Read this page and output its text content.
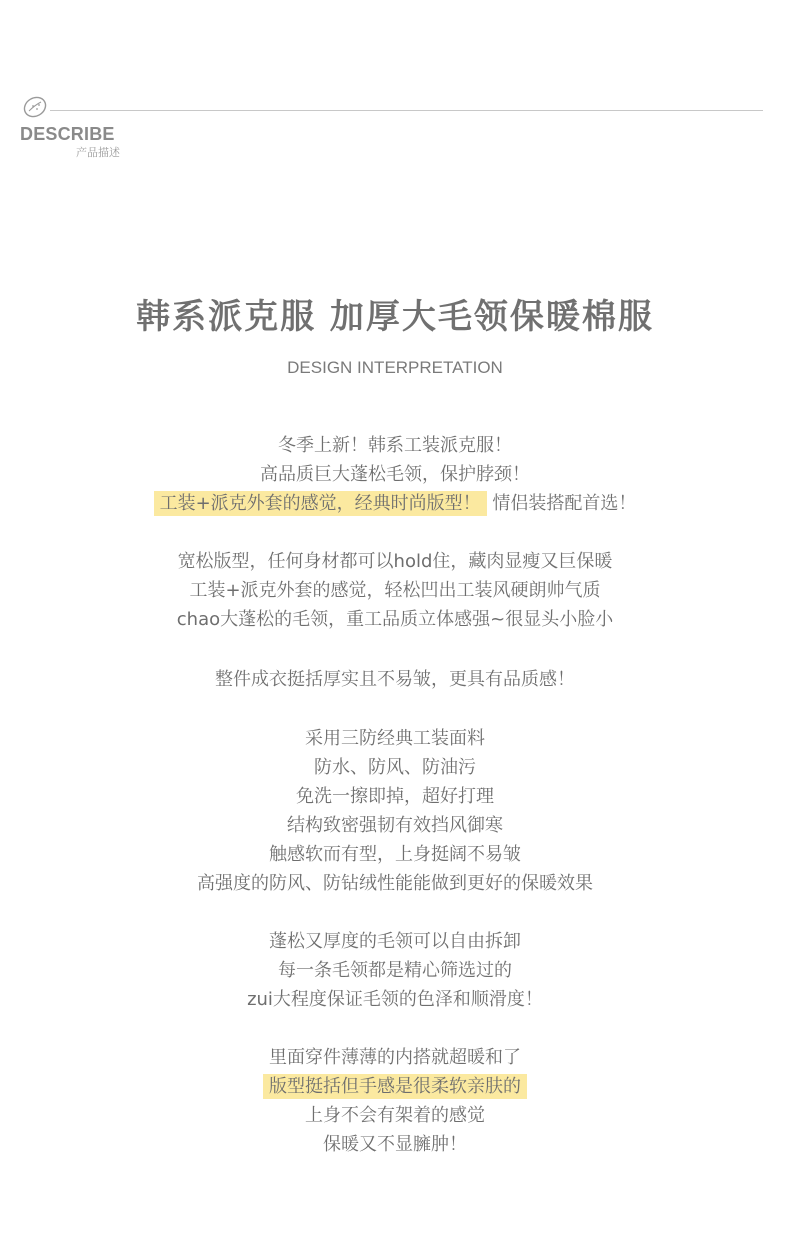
DESCRIBE
产品描述
韩系派克服 加厚大毛领保暖棉服
DESIGN INTERPRETATION
冬季上新！韩系工装派克服！
高品质巨大蓬松毛领，保护脖颈！
工装+派克外套的感觉，经典时尚版型！ 情侣装搭配首选！
宽松版型，任何身材都可以hold住，藏肉显瘦又巨保暖
工装+派克外套的感觉，轻松凹出工装风硬朗帅气质
chao大蓬松的毛领，重工品质立体感强~很显头小脸小
整件成衣挺括厚实且不易皱，更具有品质感！
采用三防经典工装面料
防水、防风、防油污
免洗一擦即掉，超好打理
结构致密强韧有效挡风御寒
触感软而有型，上身挺阔不易皱
高强度的防风、防钻绒性能能做到更好的保暖效果
蓬松又厚度的毛领可以自由拆卸
每一条毛领都是精心筛选过的
zui大程度保证毛领的色泽和顺滑度！
里面穿件薄薄的内搭就超暖和了
版型挺括但手感是很柔软亲肤的
上身不会有架着的感觉
保暖又不显臃肿！
